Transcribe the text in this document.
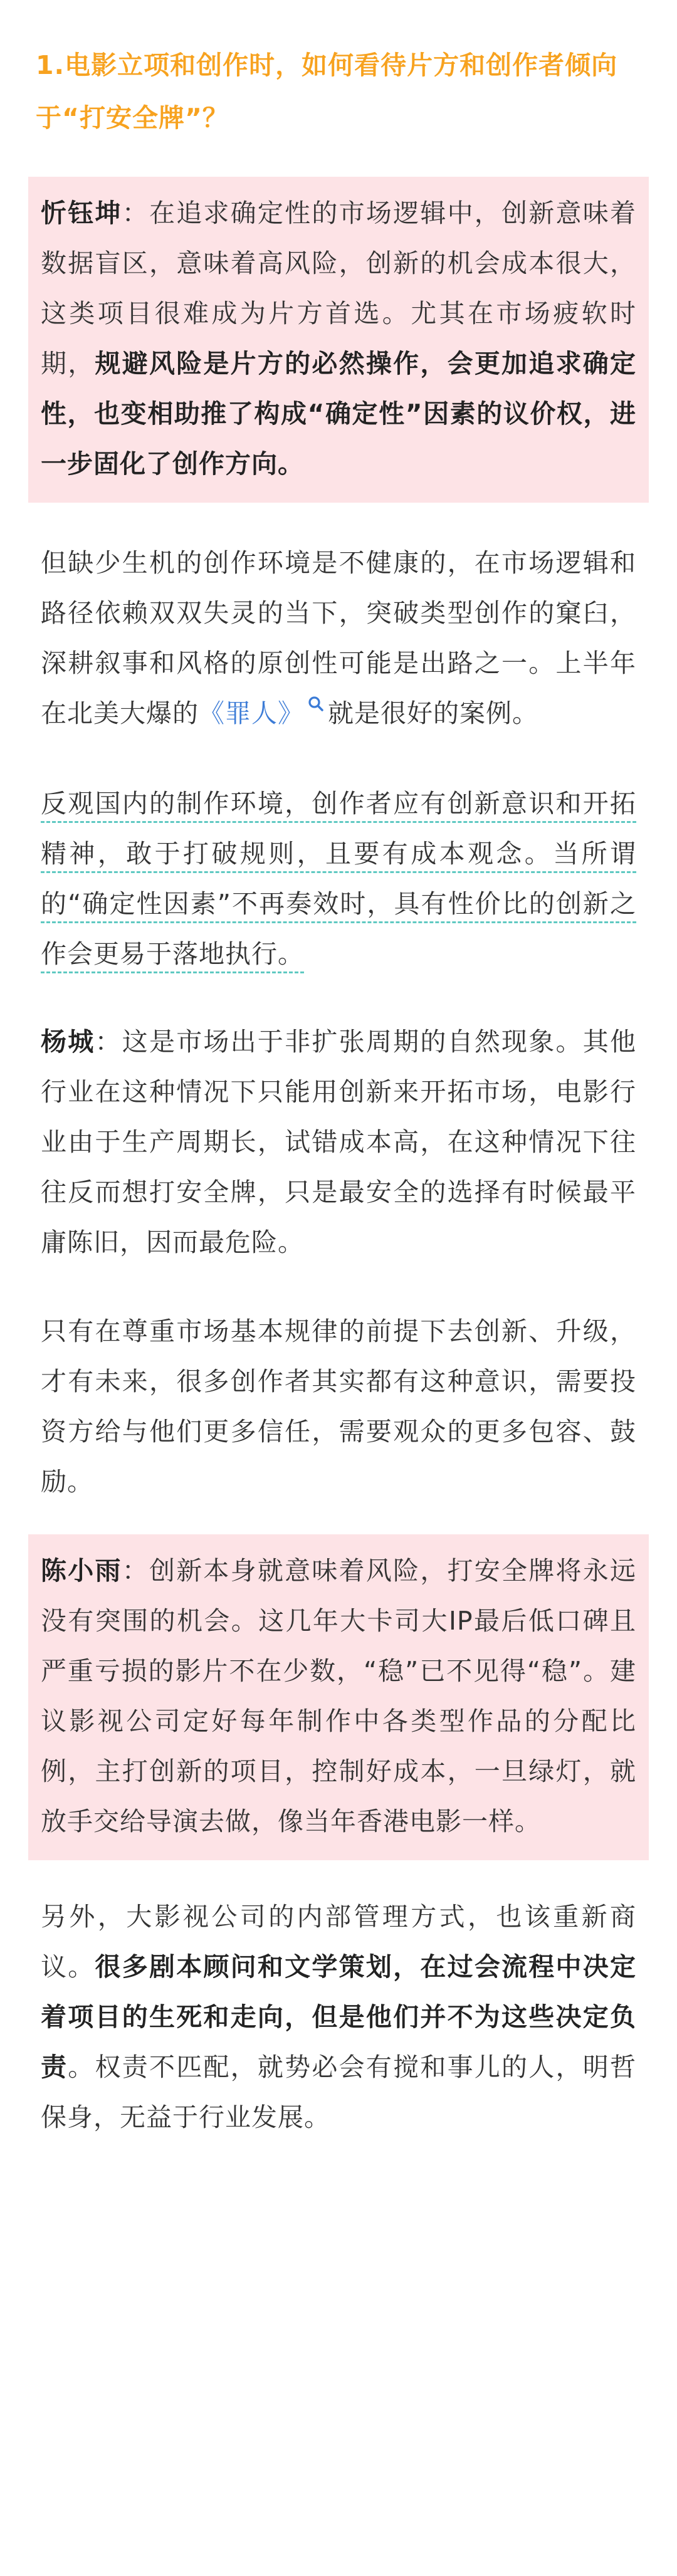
1.电影立项和创作时，如何看待片方和创作者倾向于“打安全牌”？
忻钰坤：在追求确定性的市场逻辑中，创新意味着数据盲区，意味着高风险，创新的机会成本很大，这类项目很难成为片方首选。尤其在市场疲软时期，规避风险是片方的必然操作，会更加追求确定性，也变相助推了构成“确定性”因素的议价权，进一步固化了创作方向。
但缺少生机的创作环境是不健康的，在市场逻辑和路径依赖双双失灵的当下，突破类型创作的窠臼，深耕叙事和风格的原创性可能是出路之一。上半年在北美大爆的《罪人》 就是很好的案例。
反观国内的制作环境，创作者应有创新意识和开拓精神，敢于打破规则，且要有成本观念。当所谓的“确定性因素”不再奏效时，具有性价比的创新之作会更易于落地执行。
杨城：这是市场出于非扩张周期的自然现象。其他行业在这种情况下只能用创新来开拓市场，电影行业由于生产周期长，试错成本高，在这种情况下往往反而想打安全牌，只是最安全的选择有时候最平庸陈旧，因而最危险。
只有在尊重市场基本规律的前提下去创新、升级，才有未来，很多创作者其实都有这种意识，需要投资方给与他们更多信任，需要观众的更多包容、鼓励。
陈小雨：创新本身就意味着风险，打安全牌将永远没有突围的机会。这几年大卡司大IP最后低口碑且严重亏损的影片不在少数，“稳”已不见得“稳”。建议影视公司定好每年制作中各类型作品的分配比例，主打创新的项目，控制好成本，一旦绿灯，就放手交给导演去做，像当年香港电影一样。
另外，大影视公司的内部管理方式，也该重新商议。很多剧本顾问和文学策划，在过会流程中决定着项目的生死和走向，但是他们并不为这些决定负责。权责不匹配，就势必会有搅和事儿的人，明哲保身，无益于行业发展。
